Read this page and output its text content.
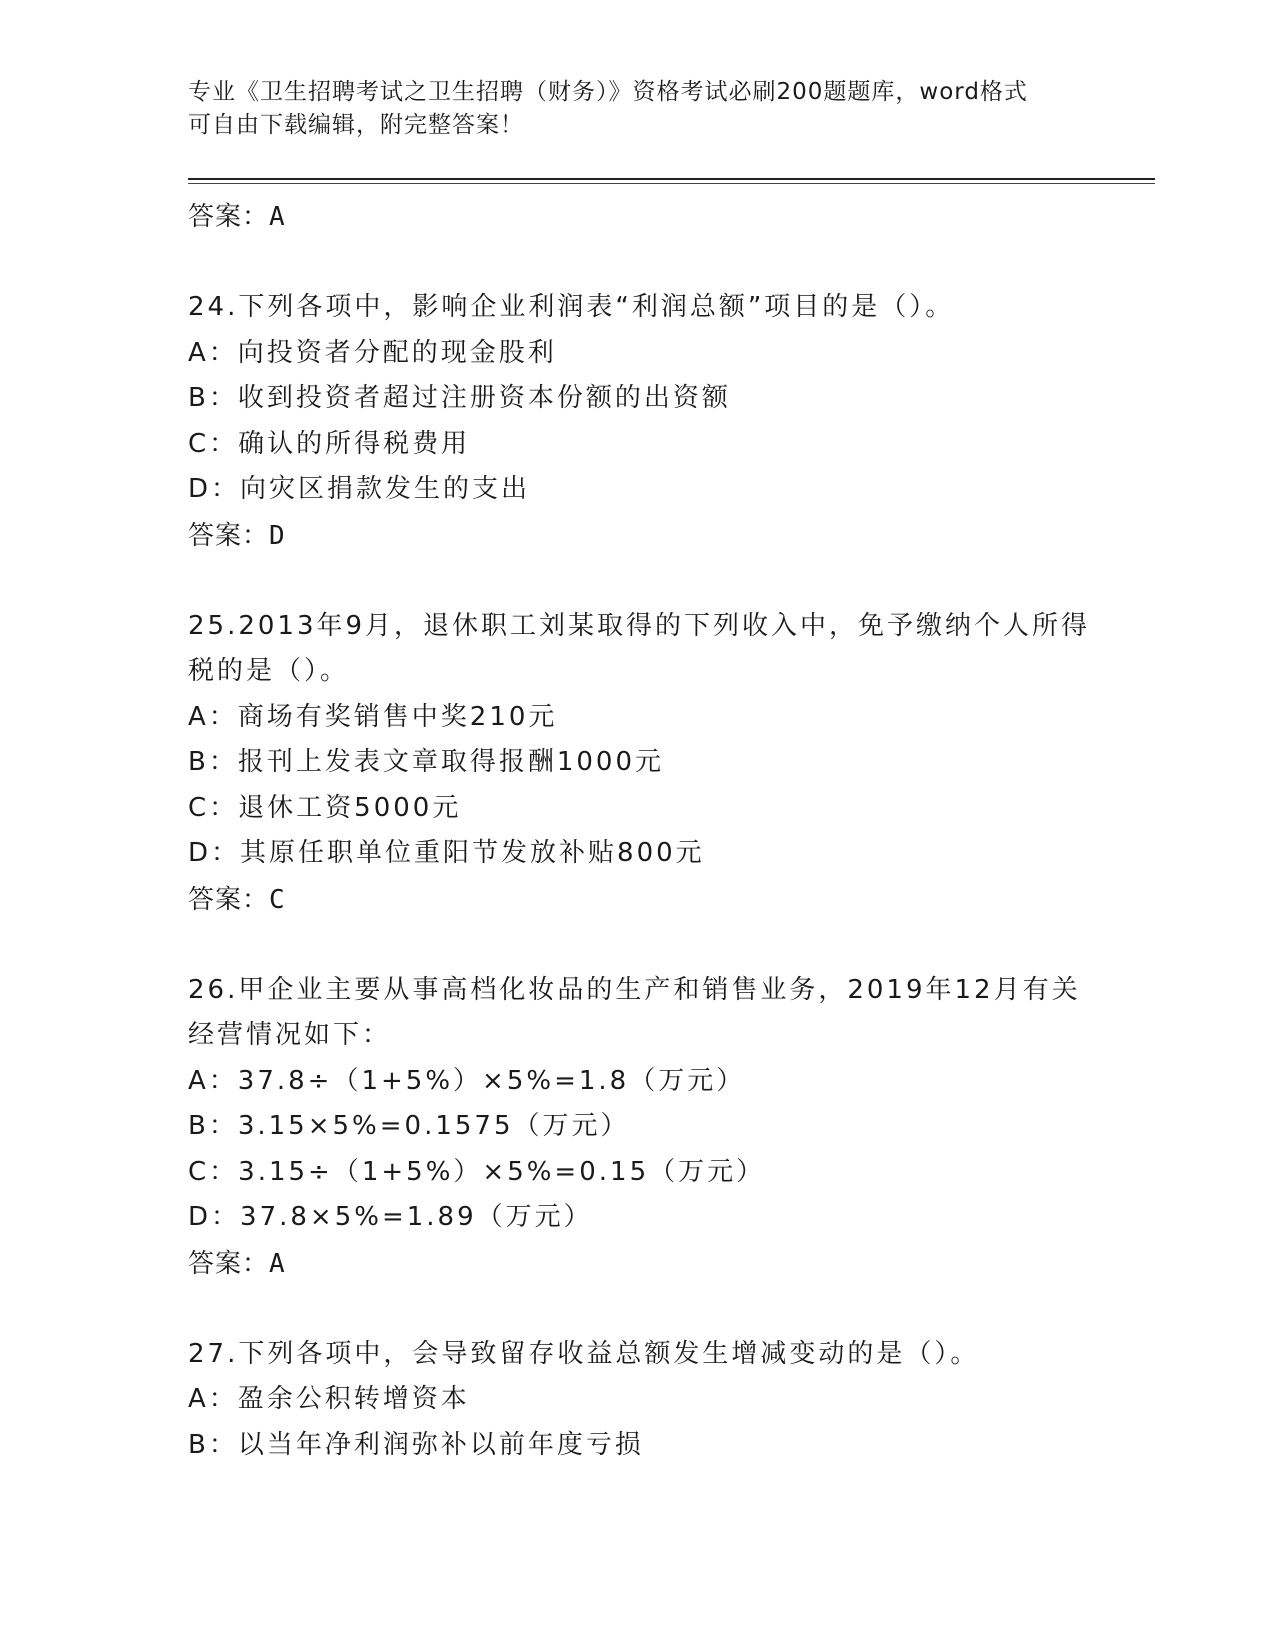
专业《卫生招聘考试之卫生招聘（财务）》资格考试必刷200题题库，word格式
可自由下载编辑，附完整答案！
答案：A
24.下列各项中，影响企业利润表“利润总额”项目的是（）。
A：向投资者分配的现金股利
B：收到投资者超过注册资本份额的出资额
C：确认的所得税费用
D：向灾区捐款发生的支出
答案：D
25.2013年9月，退休职工刘某取得的下列收入中，免予缴纳个人所得
税的是（）。
A：商场有奖销售中奖210元
B：报刊上发表文章取得报酬1000元
C：退休工资5000元
D：其原任职单位重阳节发放补贴800元
答案：C
26.甲企业主要从事高档化妆品的生产和销售业务，2019年12月有关
经营情况如下：
A：37.8÷（1+5%）×5%=1.8（万元）
B：3.15×5%=0.1575（万元）
C：3.15÷（1+5%）×5%=0.15（万元）
D：37.8×5%=1.89（万元）
答案：A
27.下列各项中，会导致留存收益总额发生增减变动的是（）。
A：盈余公积转增资本
B：以当年净利润弥补以前年度亏损
